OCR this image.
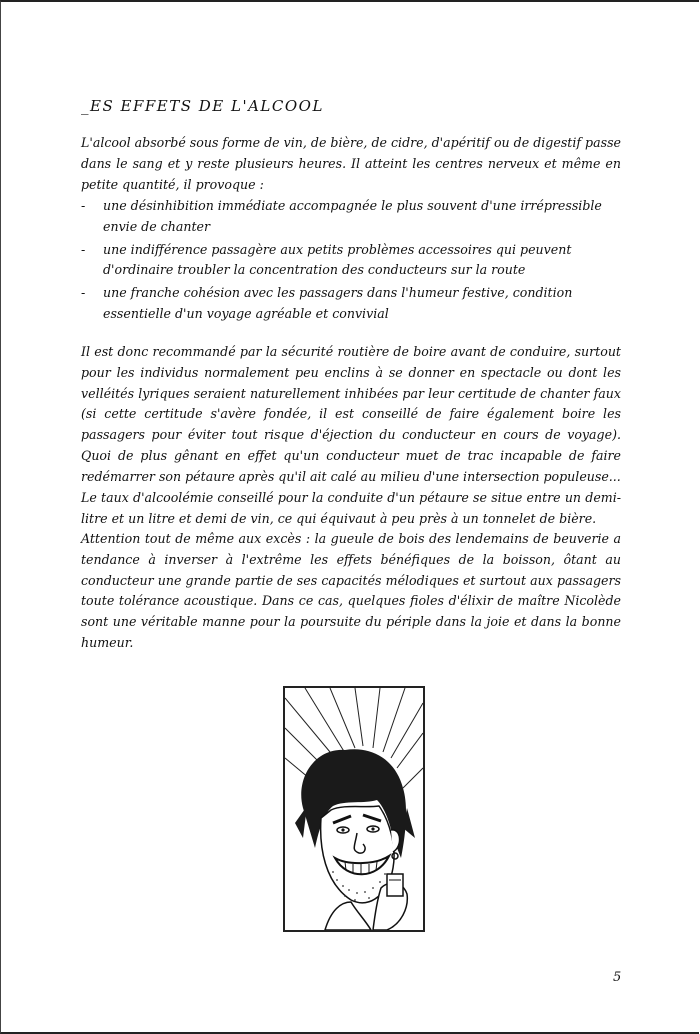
_ES EFFETS DE L'ALCOOL

L'alcool absorbé sous forme de vin, de bière, de cidre, d'apéritif ou de digestif passe dans le sang et y reste plusieurs heures. Il atteint les centres nerveux et même en petite quantité, il provoque :

- une désinhibition immédiate accompagnée le plus souvent d'une irrépressible envie de chanter
- une indifférence passagère aux petits problèmes accessoires qui peuvent d'ordinaire troubler la concentration des conducteurs sur la route
- une franche cohésion avec les passagers dans l'humeur festive, condition essentielle d'un voyage agréable et convivial

Il est donc recommandé par la sécurité routière de boire avant de conduire, surtout pour les individus normalement peu enclins à se donner en spectacle ou dont les velléités lyriques seraient naturellement inhibées par leur certitude de chanter faux (si cette certitude s'avère fondée, il est conseillé de faire également boire les passagers pour éviter tout risque d'éjection du conducteur en cours de voyage). Quoi de plus gênant en effet qu'un conducteur muet de trac incapable de faire redémarrer son pétaure après qu'il ait calé au milieu d'une intersection populeuse...

Le taux d'alcoolémie conseillé pour la conduite d'un pétaure se situe entre un demi-litre et un litre et demi de vin, ce qui équivaut à peu près à un tonnelet de bière.

Attention tout de même aux excès : la gueule de bois des lendemains de beuverie a tendance à inverser à l'extrême les effets bénéfiques de la boisson, ôtant au conducteur une grande partie de ses capacités mélodiques et surtout aux passagers toute tolérance acoustique. Dans ce cas, quelques fioles d'élixir de maître Nicolède sont une véritable manne pour la poursuite du périple dans la joie et dans la bonne humeur.

5
